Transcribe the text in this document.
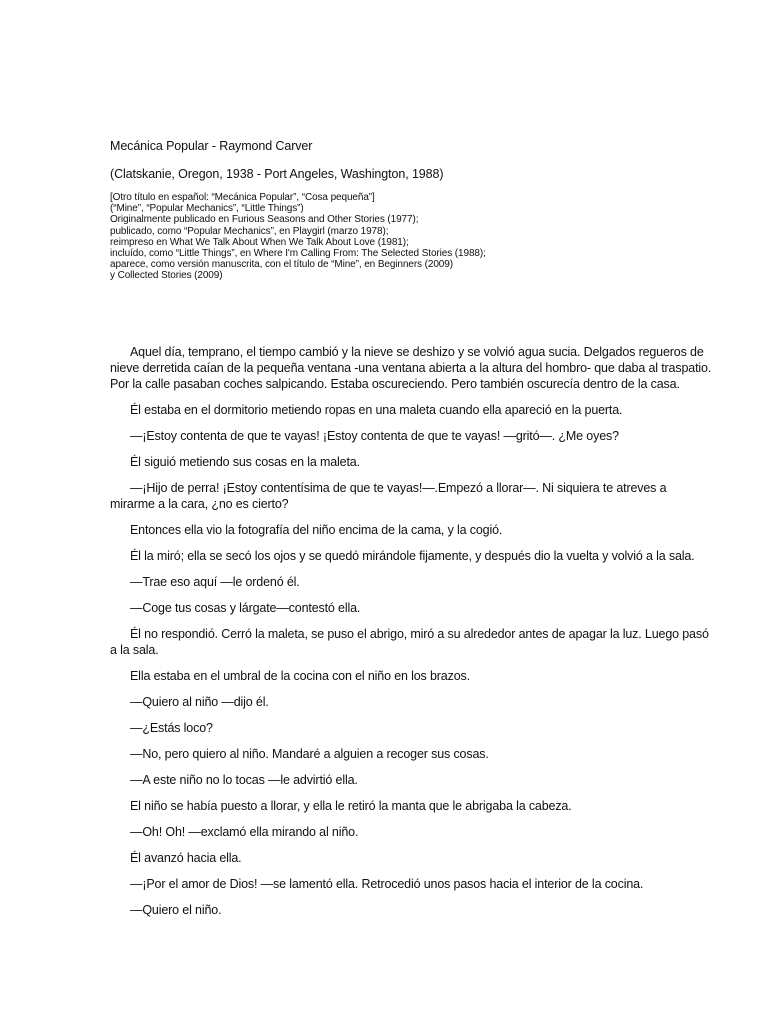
Mecánica Popular - Raymond Carver
(Clatskanie, Oregon, 1938 - Port Angeles, Washington, 1988)
[Otro título en español: “Mecánica Popular”, “Cosa pequeña”]
(“Mine”, “Popular Mechanics”, “Little Things”)
Originalmente publicado en Furious Seasons and Other Stories (1977);
publicado, como “Popular Mechanics”, en Playgirl (marzo 1978);
reimpreso en What We Talk About When We Talk About Love (1981);
incluído, como “Little Things”, en Where I'm Calling From: The Selected Stories (1988);
aparece, como versión manuscrita, con el título de “Mine”, en Beginners (2009)
y Collected Stories (2009)

Aquel día, temprano, el tiempo cambió y la nieve se deshizo y se volvió agua sucia. Delgados regueros de nieve derretida caían de la pequeña ventana -una ventana abierta a la altura del hombro- que daba al traspatio. Por la calle pasaban coches salpicando. Estaba oscureciendo. Pero también oscurecía dentro de la casa.

Él estaba en el dormitorio metiendo ropas en una maleta cuando ella apareció en la puerta.

—¡Estoy contenta de que te vayas! ¡Estoy contenta de que te vayas! —gritó—. ¿Me oyes?

Él siguió metiendo sus cosas en la maleta.

—¡Hijo de perra! ¡Estoy contentísima de que te vayas!—.Empezó a llorar—. Ni siquiera te atreves a mirarme a la cara, ¿no es cierto?

Entonces ella vio la fotografía del niño encima de la cama, y la cogió.

Él la miró; ella se secó los ojos y se quedó mirándole fijamente, y después dio la vuelta y volvió a la sala.

—Trae eso aquí —le ordenó él.

—Coge tus cosas y lárgate—contestó ella.

Él no respondió. Cerró la maleta, se puso el abrigo, miró a su alrededor antes de apagar la luz. Luego pasó a la sala.

Ella estaba en el umbral de la cocina con el niño en los brazos.

—Quiero al niño —dijo él.

—¿Estás loco?

—No, pero quiero al niño. Mandaré a alguien a recoger sus cosas.

—A este niño no lo tocas —le advirtió ella.

El niño se había puesto a llorar, y ella le retiró la manta que le abrigaba la cabeza.

—Oh! Oh! —exclamó ella mirando al niño.

Él avanzó hacia ella.

—¡Por el amor de Dios! —se lamentó ella. Retrocedió unos pasos hacia el interior de la cocina.

—Quiero el niño.
